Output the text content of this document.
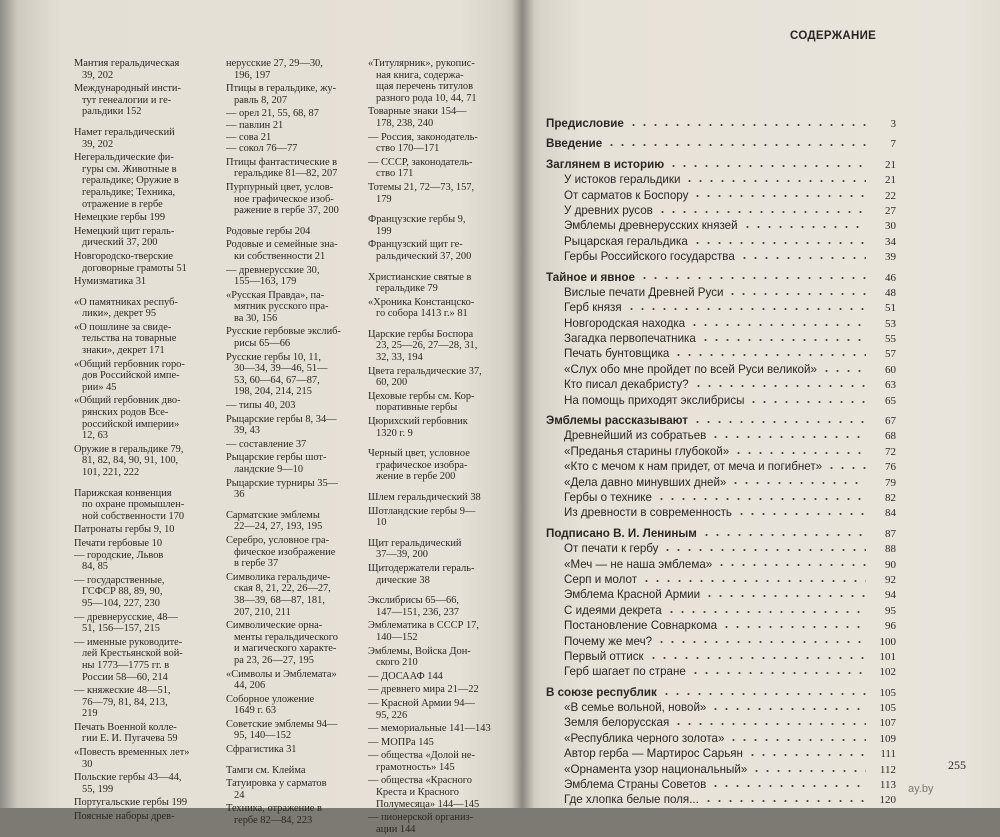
Мантия геральдическая
39, 202
Международный инсти-
тут генеалогии и ге-
ральдики 152
Намет геральдический
39, 202
Негеральдические фи-
гуры см. Животные в
геральдике; Оружие в
геральдике; Техника,
отражение в гербе
Немецкие гербы 199
Немецкий щит гераль-
дический 37, 200
Новгородско-тверские
договорные грамоты 51
Нумизматика 31
«О памятниках респуб-
лики», декрет 95
«О пошлине за свиде-
тельства на товарные
знаки», декрет 171
«Общий гербовник горо-
дов Российской импе-
рии» 45
«Общий гербовник дво-
рянских родов Все-
российской империи»
12, 63
Оружие в геральдике 79,
81, 82, 84, 90, 91, 100,
101, 221, 222
Парижская конвенция
по охране промышлен-
ной собственности 170
Патронаты гербы 9, 10
Печати гербовые 10
— городские, Львов
84, 85
— государственные,
ГСФСР 88, 89, 90,
95—104, 227, 230
— древнерусские, 48—
51, 156—157, 215
— именные руководите-
лей Крестьянской вой-
ны 1773—1775 гг. в
России 58—60, 214
— княжеские 48—51,
76—79, 81, 84, 213,
219
Печать Военной колле-
гии Е. И. Пугачева 59
«Повесть временных лет»
30
Польские гербы 43—44,
55, 199
Португальские гербы 199
Поясные наборы древ-
нерусские 27, 29—30,
196, 197
Птицы в геральдике, жу-
равль 8, 207
— орел 21, 55, 68, 87
— павлин 21
— сова 21
— сокол 76—77
Птицы фантастические в
геральдике 81—82, 207
Пурпурный цвет, услов-
ное графическое изоб-
ражение в гербе 37, 200
Родовые гербы 204
Родовые и семейные зна-
ки собственности 21
— древнерусские 30,
155—163, 179
«Русская Правда», па-
мятник русского пра-
ва 30, 156
Русские гербовые экслиб-
рисы 65—66
Русские гербы 10, 11,
30—34, 39—46, 51—
53, 60—64, 67—87,
198, 204, 214, 215
— типы 40, 203
Рыцарские гербы 8, 34—
39, 43
— составление 37
Рыцарские гербы шот-
ландские 9—10
Рыцарские турниры 35—
36
Сарматские эмблемы
22—24, 27, 193, 195
Серебро, условное гра-
фическое изображение
в гербе 37
Символика геральдиче-
ская 8, 21, 22, 26—27,
38—39, 68—87, 181,
207, 210, 211
Символические орна-
менты геральдического
и магического характе-
ра 23, 26—27, 195
«Символы и Эмблемата»
44, 206
Соборное уложение
1649 г. 63
Советские эмблемы 94—
95, 140—152
Сфрагистика 31
Тамги см. Клейма
Татуировка у сарматов
24
Техника, отражение в
гербе 82—84, 223
«Титулярник», рукопис-
ная книга, содержа-
щая перечень титулов
разного рода 10, 44, 71
Товарные знаки 154—
178, 238, 240
— Россия, законодатель-
ство 170—171
— СССР, законодатель-
ство 171
Тотемы 21, 72—73, 157,
179
Французские гербы 9,
199
Французский щит ге-
ральдический 37, 200
Христианские святые в
геральдике 79
«Хроника Констанцско-
го собора 1413 г.» 81
Царские гербы Боспора
23, 25—26, 27—28, 31,
32, 33, 194
Цвета геральдические 37,
60, 200
Цеховые гербы см. Кор-
поративные гербы
Цюрихский гербовник
1320 г. 9
Черный цвет, условное
графическое изобра-
жение в гербе 200
Шлем геральдический 38
Шотландские гербы 9—
10
Щит геральдический
37—39, 200
Щитодержатели гераль-
дические 38
Экслибрисы 65—66,
147—151, 236, 237
Эмблематика в СССР 17,
140—152
Эмблемы, Войска Дон-
ского 210
— ДОСААФ 144
— древнего мира 21—22
— Красной Армии 94—
95, 226
— мемориальные 141—143
— МОПРа 145
— общества «Долой не-
грамотность» 145
— общества «Красного
Креста и Красного
Полумесяца» 144—145
— пионерской организ-
ации 144
СОДЕРЖАНИЕ
Предисловие	3
Введение	7
Заглянем в историю	21
У истоков геральдики	21
От сарматов к Боспору	22
У древних русов	27
Эмблемы древнерусских князей	30
Рыцарская геральдика	34
Гербы Российского государства	39
Тайное и явное	46
Вислые печати Древней Руси	48
Герб князя	51
Новгородская находка	53
Загадка первопечатника	55
Печать бунтовщика	57
«Слух обо мне пройдет по всей Руси великой»	60
Кто писал декабристу?	63
На помощь приходят экслибрисы	65
Эмблемы рассказывают	67
Древнейший из собратьев	68
«Преданья старины глубокой»	72
«Кто с мечом к нам придет, от меча и погибнет»	76
«Дела давно минувших дней»	79
Гербы о технике	82
Из древности в современность	84
Подписано В. И. Лениным	87
От печати к гербу	88
«Меч — не наша эмблема»	90
Серп и молот	92
Эмблема Красной Армии	94
С идеями декрета	95
Постановление Совнаркома	96
Почему же меч?	100
Первый оттиск	101
Герб шагает по стране	102
В союзе республик	105
«В семье вольной, новой»	105
Земля белорусская	107
«Республика черного золота»	109
Автор герба — Мартирос Сарьян	111
«Орнамента узор национальный»	112
Эмблема Страны Советов	113
Где хлопка белые поля...	120
255
ay.by
